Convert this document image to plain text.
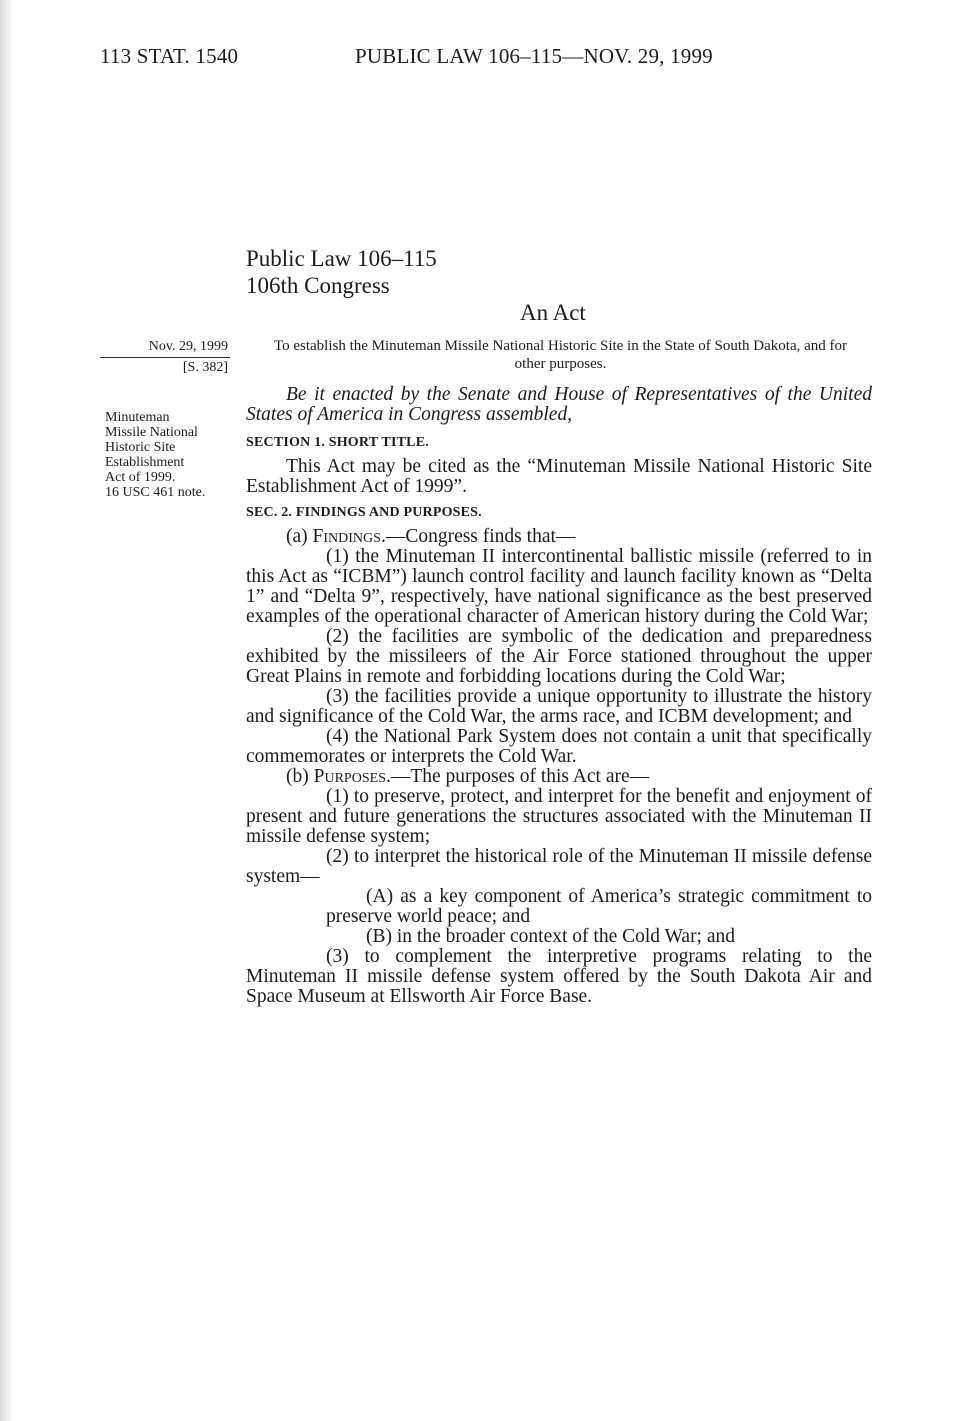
113 STAT. 1540	PUBLIC LAW 106–115—NOV. 29, 1999
Public Law 106–115
106th Congress
An Act
Nov. 29, 1999
[S. 382]
Minuteman
Missile National
Historic Site
Establishment
Act of 1999.
16 USC 461 note.
To establish the Minuteman Missile National Historic Site in the State of South Dakota, and for other purposes.

Be it enacted by the Senate and House of Representatives of the United States of America in Congress assembled,

SECTION 1. SHORT TITLE.

This Act may be cited as the “Minuteman Missile National Historic Site Establishment Act of 1999”.

SEC. 2. FINDINGS AND PURPOSES.

(a) Findings.—Congress finds that—

(1) the Minuteman II intercontinental ballistic missile (referred to in this Act as “ICBM”) launch control facility and launch facility known as “Delta 1” and “Delta 9”, respectively, have national significance as the best preserved examples of the operational character of American history during the Cold War;

(2) the facilities are symbolic of the dedication and preparedness exhibited by the missileers of the Air Force stationed throughout the upper Great Plains in remote and forbidding locations during the Cold War;

(3) the facilities provide a unique opportunity to illustrate the history and significance of the Cold War, the arms race, and ICBM development; and

(4) the National Park System does not contain a unit that specifically commemorates or interprets the Cold War.

(b) Purposes.—The purposes of this Act are—

(1) to preserve, protect, and interpret for the benefit and enjoyment of present and future generations the structures associated with the Minuteman II missile defense system;

(2) to interpret the historical role of the Minuteman II missile defense system—

(A) as a key component of America’s strategic commitment to preserve world peace; and

(B) in the broader context of the Cold War; and

(3) to complement the interpretive programs relating to the Minuteman II missile defense system offered by the South Dakota Air and Space Museum at Ellsworth Air Force Base.
